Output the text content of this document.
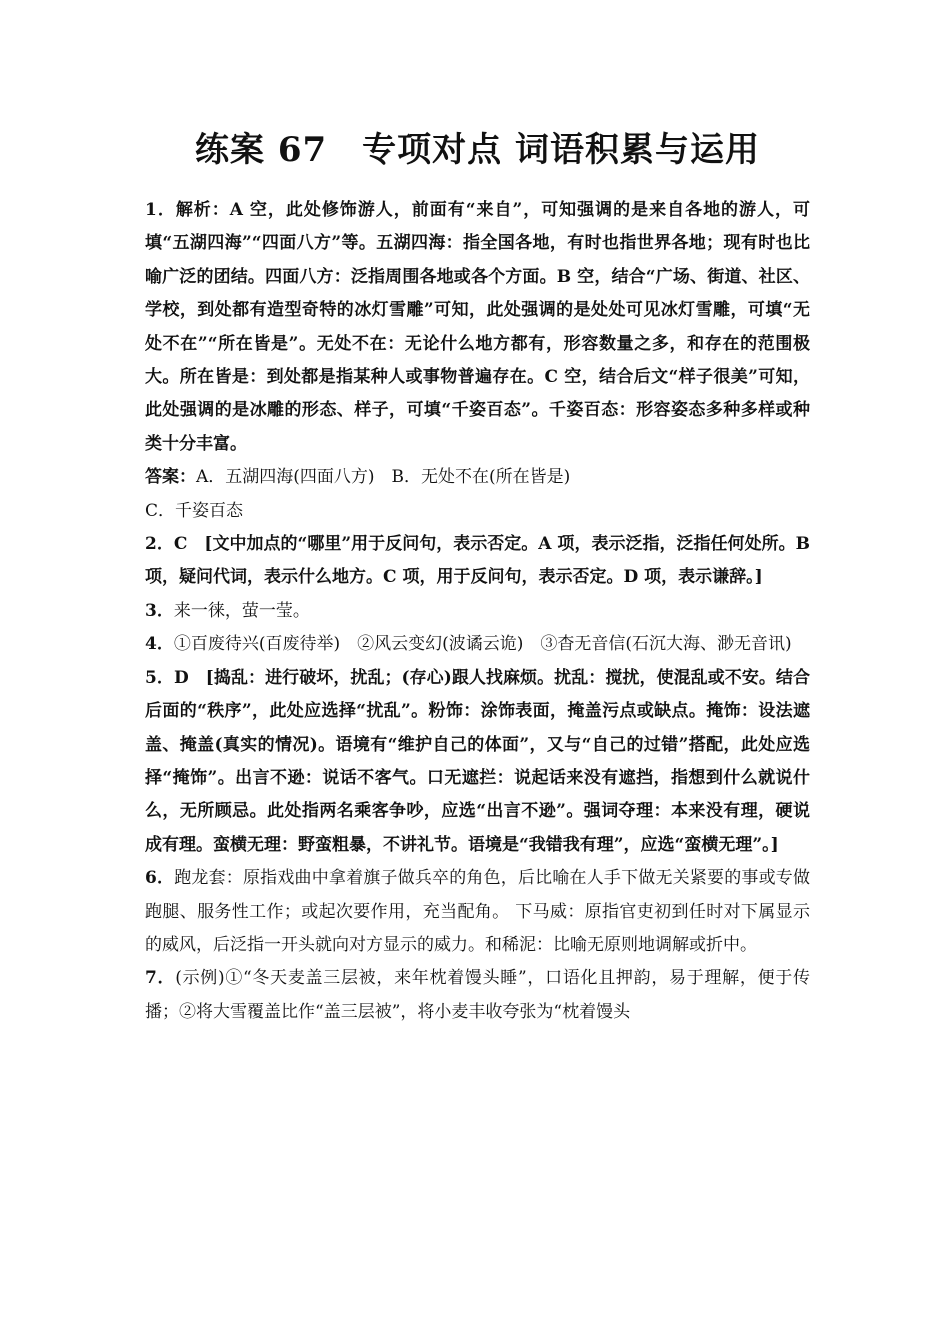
练案 67　专项对点 词语积累与运用

1．解析：A 空，此处修饰游人，前面有“来自”，可知强调的是来自各地的游人，可填“五湖四海”“四面八方”等。五湖四海：指全国各地，有时也指世界各地；现有时也比喻广泛的团结。四面八方：泛指周围各地或各个方面。B 空，结合“广场、街道、社区、学校，到处都有造型奇特的冰灯雪雕”可知，此处强调的是处处可见冰灯雪雕，可填“无处不在”“所在皆是”。无处不在：无论什么地方都有，形容数量之多，和存在的范围极大。所在皆是：到处都是指某种人或事物普遍存在。C 空，结合后文“样子很美”可知，此处强调的是冰雕的形态、样子，可填“千姿百态”。千姿百态：形容姿态多种多样或种类十分丰富。

答案：A．五湖四海(四面八方)　B．无处不在(所在皆是)

C．千姿百态

2．C　[文中加点的“哪里”用于反问句，表示否定。A 项，表示泛指，泛指任何处所。B 项，疑问代词，表示什么地方。C 项，用于反问句，表示否定。D 项，表示谦辞。]

3．来一徕，萤一莹。

4．①百废待兴(百废待举)　②风云变幻(波谲云诡)　③杳无音信(石沉大海、渺无音讯)

5．D　[捣乱：进行破坏，扰乱；(存心)跟人找麻烦。扰乱：搅扰，使混乱或不安。结合后面的“秩序”，此处应选择“扰乱”。粉饰：涂饰表面，掩盖污点或缺点。掩饰：设法遮盖、掩盖(真实的情况)。语境有“维护自己的体面”，又与“自己的过错”搭配，此处应选择“掩饰”。出言不逊：说话不客气。口无遮拦：说起话来没有遮挡，指想到什么就说什么，无所顾忌。此处指两名乘客争吵，应选“出言不逊”。强词夺理：本来没有理，硬说成有理。蛮横无理：野蛮粗暴，不讲礼节。语境是“我错我有理”，应选“蛮横无理”。]

6．跑龙套：原指戏曲中拿着旗子做兵卒的角色，后比喻在人手下做无关紧要的事或专做跑腿、服务性工作；或起次要作用，充当配角。 下马威：原指官吏初到任时对下属显示的威风，后泛指一开头就向对方显示的威力。和稀泥：比喻无原则地调解或折中。

7．(示例)①“冬天麦盖三层被，来年枕着馒头睡”，口语化且押韵，易于理解，便于传播；②将大雪覆盖比作“盖三层被”，将小麦丰收夸张为“枕着馒头
